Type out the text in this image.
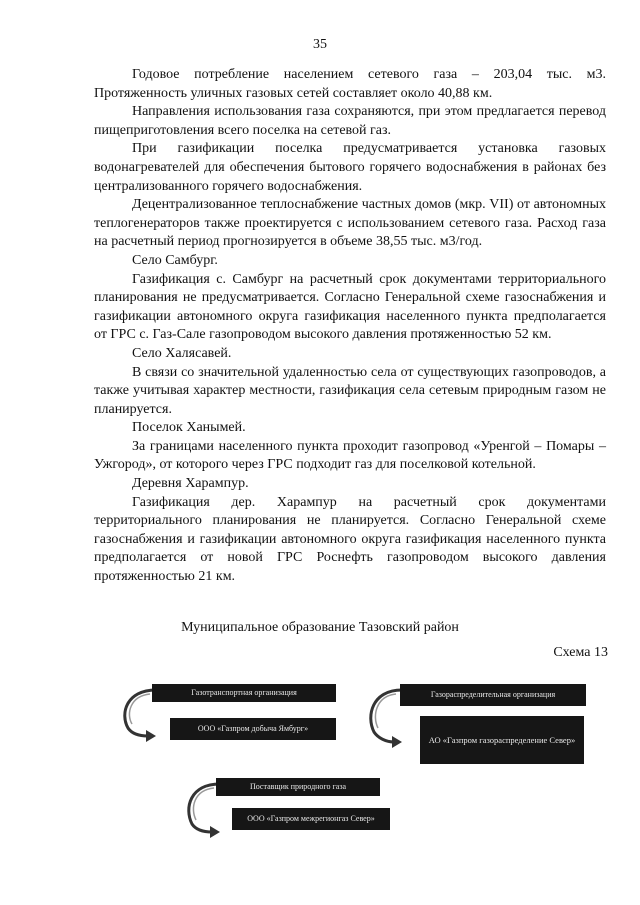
35

Годовое потребление населением сетевого газа – 203,04 тыс. м3. Протяженность уличных газовых сетей составляет около 40,88 км.

Направления использования газа сохраняются, при этом предлагается перевод пищеприготовления всего поселка на сетевой газ.

При газификации поселка предусматривается установка газовых водонагревателей для обеспечения бытового горячего водоснабжения в районах без централизованного горячего водоснабжения.

Децентрализованное теплоснабжение частных домов (мкр. VII) от автономных теплогенераторов также проектируется с использованием сетевого газа. Расход газа на расчетный период прогнозируется в объеме 38,55 тыс. м3/год.

Село Самбург.

Газификация с. Самбург на расчетный срок документами территориального планирования не предусматривается. Согласно Генеральной схеме газоснабжения и газификации автономного округа газификация населенного пункта предполагается от ГРС с. Газ-Сале газопроводом высокого давления протяженностью 52 км.

Село Халясавей.

В связи со значительной удаленностью села от существующих газопроводов, а также учитывая характер местности, газификация села сетевым природным газом не планируется.

Поселок Ханымей.

За границами населенного пункта проходит газопровод «Уренгой – Помары – Ужгород», от которого через ГРС подходит газ для поселковой котельной.

Деревня Харампур.

Газификация дер. Харампур на расчетный срок документами территориального планирования не планируется. Согласно Генеральной схеме газоснабжения и газификации автономного округа газификация населенного пункта предполагается от новой ГРС Роснефть газопроводом высокого давления протяженностью 21 км.

Муниципальное образование Тазовский район
Схема 13
Газотранспортная организация
ООО «Газпром добыча Ямбург»
Газораспределительная организация
АО «Газпром газораспределение Север»
Поставщик природного газа
ООО «Газпром межрегионгаз Север»
